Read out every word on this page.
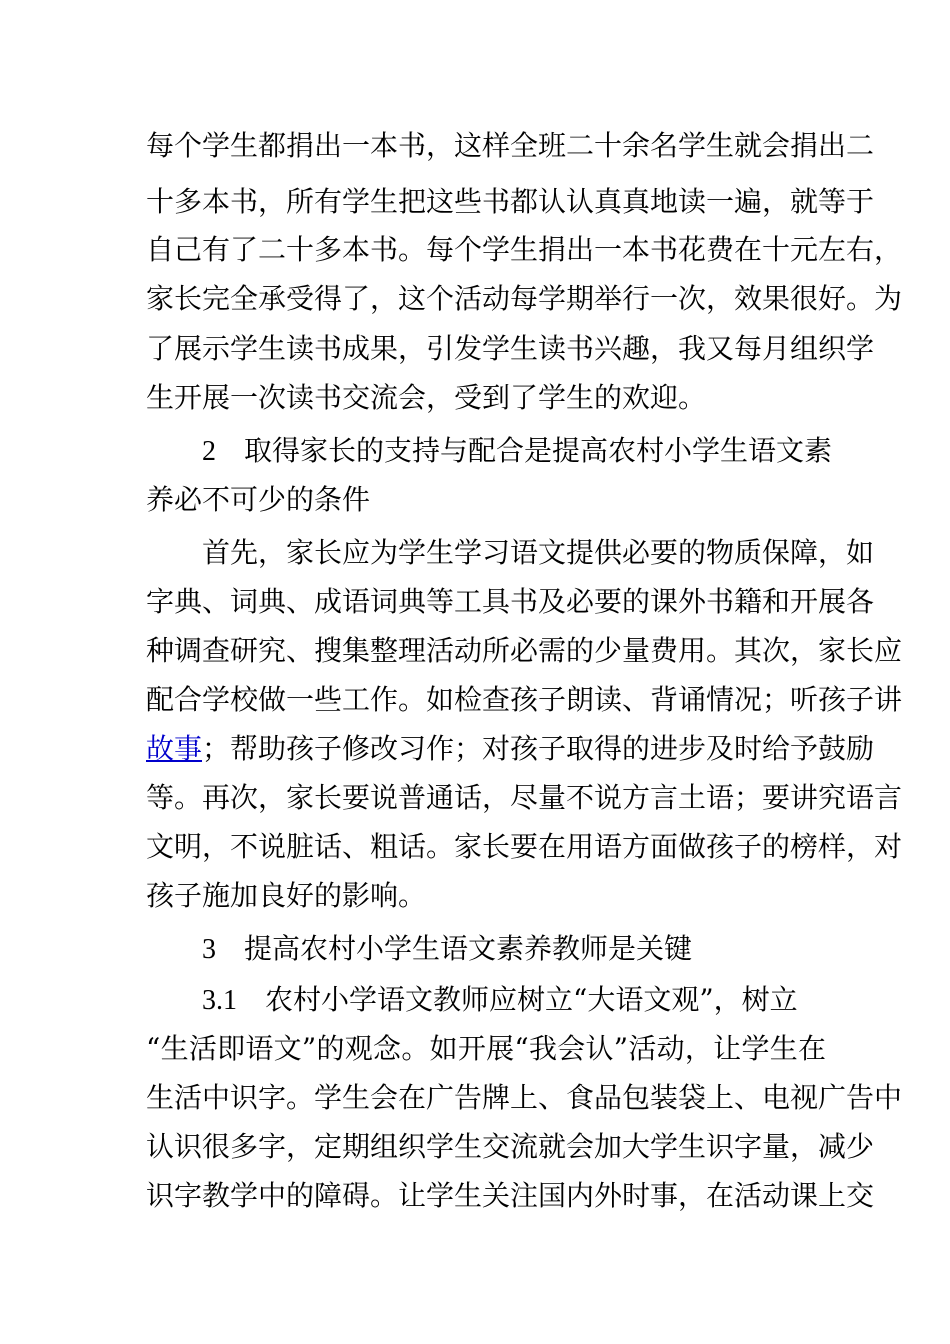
每个学生都捐出一本书，这样全班二十余名学生就会捐出二
十多本书，所有学生把这些书都认认真真地读一遍，就等于
自己有了二十多本书。每个学生捐出一本书花费在十元左右，
家长完全承受得了，这个活动每学期举行一次，效果很好。为
了展示学生读书成果，引发学生读书兴趣，我又每月组织学
生开展一次读书交流会，受到了学生的欢迎。
2 取得家长的支持与配合是提高农村小学生语文素
养必不可少的条件
首先，家长应为学生学习语文提供必要的物质保障，如
字典、词典、成语词典等工具书及必要的课外书籍和开展各
种调查研究、搜集整理活动所必需的少量费用。其次，家长应
配合学校做一些工作。如检查孩子朗读、背诵情况；听孩子讲
故事；帮助孩子修改习作；对孩子取得的进步及时给予鼓励
等。再次，家长要说普通话，尽量不说方言土语；要讲究语言
文明，不说脏话、粗话。家长要在用语方面做孩子的榜样，对
孩子施加良好的影响。
3 提高农村小学生语文素养教师是关键
3.1 农村小学语文教师应树立“大语文观”，树立
“生活即语文”的观念。如开展“我会认”活动，让学生在
生活中识字。学生会在广告牌上、食品包装袋上、电视广告中
认识很多字，定期组织学生交流就会加大学生识字量，减少
识字教学中的障碍。让学生关注国内外时事，在活动课上交
